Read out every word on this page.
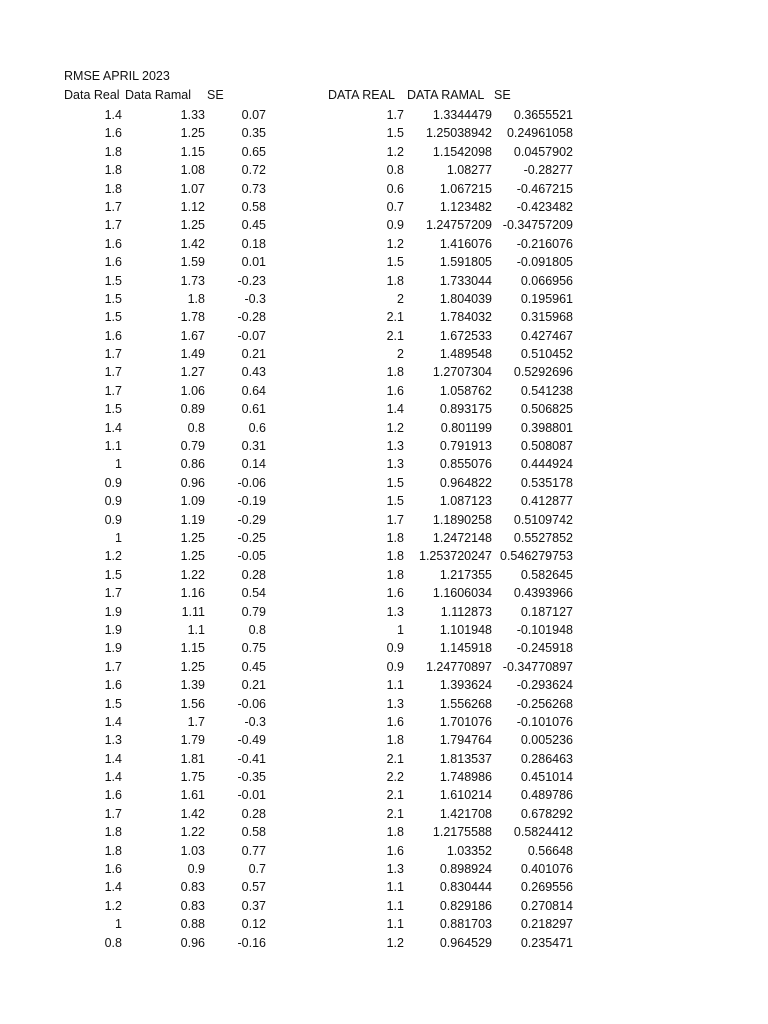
RMSE APRIL 2023
Data Real Data Ramal SE	DATA REAL DATA RAMAL SE
1.4	1.33	0.07	1.7 1.3344479 0.3655521
1.6	1.25	0.35	1.5 1.25038942 0.24961058
1.8	1.15	0.65	1.2 1.1542098 0.0457902
1.8	1.08	0.72	0.8	1.08277	-0.28277
1.8	1.07	0.73	0.6	1.067215 -0.467215
1.7	1.12	0.58	0.7	1.123482 -0.423482
1.7	1.25	0.45	0.9 1.24757209 -0.34757209
1.6	1.42	0.18	1.2	1.416076 -0.216076
1.6	1.59	0.01	1.5	1.591805 -0.091805
1.5	1.73	-0.23	1.8	1.733044 0.066956
1.5	1.8	-0.3	2	1.804039 0.195961
1.5	1.78	-0.28	2.1	1.784032 0.315968
1.6	1.67	-0.07	2.1	1.672533 0.427467
1.7	1.49	0.21	2	1.489548 0.510452
1.7	1.27	0.43	1.8 1.2707304 0.5292696
1.7	1.06	0.64	1.6	1.058762 0.541238
1.5	0.89	0.61	1.4	0.893175 0.506825
1.4	0.8	0.6	1.2	0.801199 0.398801
1.1	0.79	0.31	1.3	0.791913 0.508087
1	0.86	0.14	1.3	0.855076 0.444924
0.9	0.96	-0.06	1.5	0.964822 0.535178
0.9	1.09	-0.19	1.5	1.087123 0.412877
0.9	1.19	-0.29	1.7 1.1890258 0.5109742
1	1.25	-0.25	1.8 1.2472148 0.5527852
1.2	1.25	-0.05	1.8 1.253720247 0.546279753
1.5	1.22	0.28	1.8	1.217355 0.582645
1.7	1.16	0.54	1.6 1.1606034 0.4393966
1.9	1.11	0.79	1.3	1.112873 0.187127
1.9	1.1	0.8	1	1.101948 -0.101948
1.9	1.15	0.75	0.9	1.145918 -0.245918
1.7	1.25	0.45	0.9 1.24770897 -0.34770897
1.6	1.39	0.21	1.1	1.393624 -0.293624
1.5	1.56	-0.06	1.3	1.556268 -0.256268
1.4	1.7	-0.3	1.6	1.701076 -0.101076
1.3	1.79	-0.49	1.8	1.794764 0.005236
1.4	1.81	-0.41	2.1	1.813537 0.286463
1.4	1.75	-0.35	2.2	1.748986 0.451014
1.6	1.61	-0.01	2.1	1.610214 0.489786
1.7	1.42	0.28	2.1	1.421708 0.678292
1.8	1.22	0.58	1.8 1.2175588 0.5824412
1.8	1.03	0.77	1.6	1.03352	0.56648
1.6	0.9	0.7	1.3	0.898924 0.401076
1.4	0.83	0.57	1.1	0.830444 0.269556
1.2	0.83	0.37	1.1	0.829186 0.270814
1	0.88	0.12	1.1	0.881703 0.218297
0.8	0.96	-0.16	1.2	0.964529 0.235471
